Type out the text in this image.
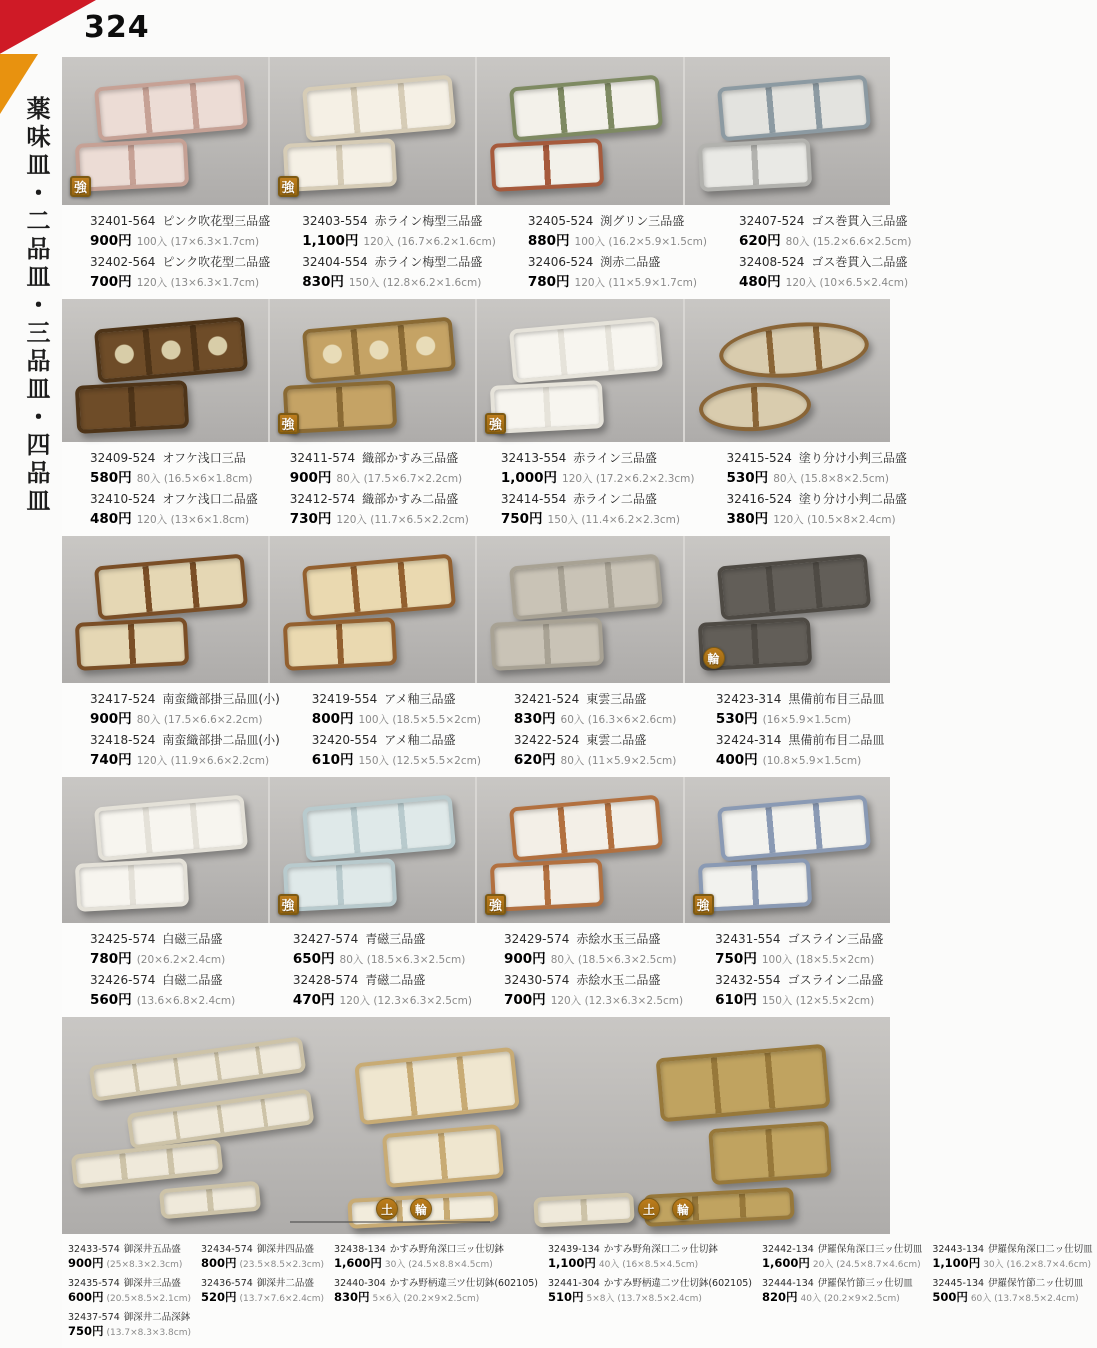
324
薬味皿・二品皿・三品皿・四品皿	強	強
32401-564 ピンク吹花型三品盛
900円 100入 (17×6.3×1.7cm)
32402-564 ピンク吹花型二品盛
700円 120入 (13×6.3×1.7cm)
32403-554 赤ライン梅型三品盛
1,100円 120入 (16.7×6.2×1.6cm)
32404-554 赤ライン梅型二品盛
830円 150入 (12.8×6.2×1.6cm)
32405-524 渕グリン三品盛
880円 100入 (16.2×5.9×1.5cm)
32406-524 渕赤二品盛
780円 120入 (11×5.9×1.7cm)
32407-524 ゴス巻貫入三品盛
620円 80入 (15.2×6.6×2.5cm)
32408-524 ゴス巻貫入二品盛
480円 120入 (10×6.5×2.4cm)
強	強
32409-524 オフケ浅口三品
580円 80入 (16.5×6×1.8cm)
32410-524 オフケ浅口二品盛
480円 120入 (13×6×1.8cm)
32411-574 織部かすみ三品盛
900円 80入 (17.5×6.7×2.2cm)
32412-574 織部かすみ二品盛
730円 120入 (11.7×6.5×2.2cm)
32413-554 赤ライン三品盛
1,000円 120入 (17.2×6.2×2.3cm)
32414-554 赤ライン二品盛
750円 150入 (11.4×6.2×2.3cm)
32415-524 塗り分け小判三品盛
530円 80入 (15.8×8×2.5cm)
32416-524 塗り分け小判二品盛
380円 120入 (10.5×8×2.4cm)
輪
32417-524 南蛮織部掛三品皿(小)
900円 80入 (17.5×6.6×2.2cm)
32418-524 南蛮織部掛二品皿(小)
740円 120入 (11.9×6.6×2.2cm)
32419-554 アメ釉三品盛
800円 100入 (18.5×5.5×2cm)
32420-554 アメ釉二品盛
610円 150入 (12.5×5.5×2cm)
32421-524 東雲三品盛
830円 60入 (16.3×6×2.6cm)
32422-524 東雲二品盛
620円 80入 (11×5.9×2.5cm)
32423-314 黒備前布目三品皿
530円 (16×5.9×1.5cm)
32424-314 黒備前布目二品皿
400円 (10.8×5.9×1.5cm)
強	強	強
32425-574 白磁三品盛
780円 (20×6.2×2.4cm)
32426-574 白磁二品盛
560円 (13.6×6.8×2.4cm)
32427-574 青磁三品盛
650円 80入 (18.5×6.3×2.5cm)
32428-574 青磁二品盛
470円 120入 (12.3×6.3×2.5cm)
32429-574 赤絵水玉三品盛
900円 80入 (18.5×6.3×2.5cm)
32430-574 赤絵水玉二品盛
700円 120入 (12.3×6.3×2.5cm)
32431-554 ゴスライン三品盛
750円 100入 (18×5.5×2cm)
32432-554 ゴスライン二品盛
610円 150入 (12×5.5×2cm)
土	輪	土	輪
32433-574 御深井五品盛
900円 (25×8.3×2.3cm)
32435-574 御深井三品盛
600円 (20.5×8.5×2.1cm)
32437-574 御深井二品深鉢
750円 (13.7×8.3×3.8cm)
32434-574 御深井四品盛
800円 (23.5×8.5×2.3cm)
32436-574 御深井二品盛
520円 (13.7×7.6×2.4cm)
32438-134 かすみ野角深口三ッ仕切鉢
1,600円 30入 (24.5×8.8×4.5cm)
32440-304 かすみ野柄違三ツ仕切鉢(602105)
830円 5×6入 (20.2×9×2.5cm)
32439-134 かすみ野角深口二ッ仕切鉢
1,100円 40入 (16×8.5×4.5cm)
32441-304 かすみ野柄違二ツ仕切鉢(602105)
510円 5×8入 (13.7×8.5×2.4cm)
32442-134 伊羅保角深口三ッ仕切皿
1,600円 20入 (24.5×8.7×4.6cm)
32444-134 伊羅保竹節三ッ仕切皿
820円 40入 (20.2×9×2.5cm)
32443-134 伊羅保角深口二ッ仕切皿
1,100円 30入 (16.2×8.7×4.6cm)
32445-134 伊羅保竹節二ッ仕切皿
500円 60入 (13.7×8.5×2.4cm)
